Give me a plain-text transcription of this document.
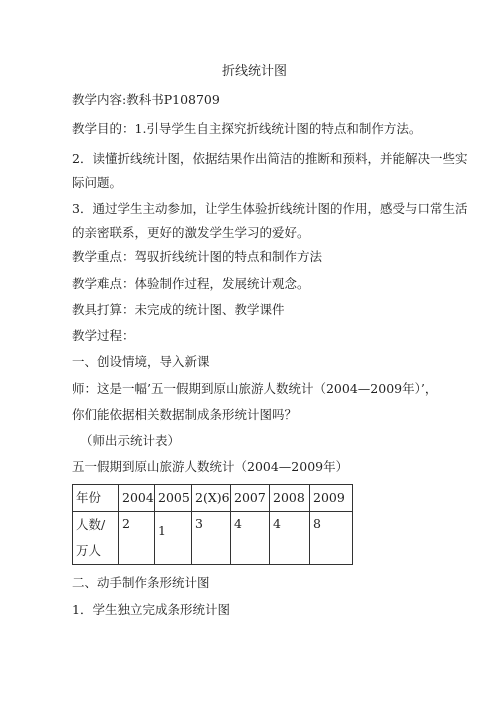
折线统计图
教学内容:教科书P108709
教学目的：1.引导学生自主探究折线统计图的特点和制作方法。
2．读懂折线统计图，依据结果作出简洁的推断和预料，并能解决一些实
际问题。
3．通过学生主动参加，让学生体验折线统计图的作用，感受与口常生活
的亲密联系，更好的激发学生学习的爱好。
教学重点：驾驭折线统计图的特点和制作方法
教学难点：体验制作过程，发展统计观念。
教具打算：未完成的统计图、教学课件
教学过程：
一、创设情境，导入新课
师：这是一幅’五一假期到原山旅游人数统计（2004—2009年）’，
你们能依据相关数据制成条形统计图吗？
（师出示统计表）
五一假期到原山旅游人数统计（2004—2009年）
年份	2004	2005	2(X)6	2007	2008	2009

人数/
万人	2	1	3	4	4	8
二、动手制作条形统计图
1．学生独立完成条形统计图
